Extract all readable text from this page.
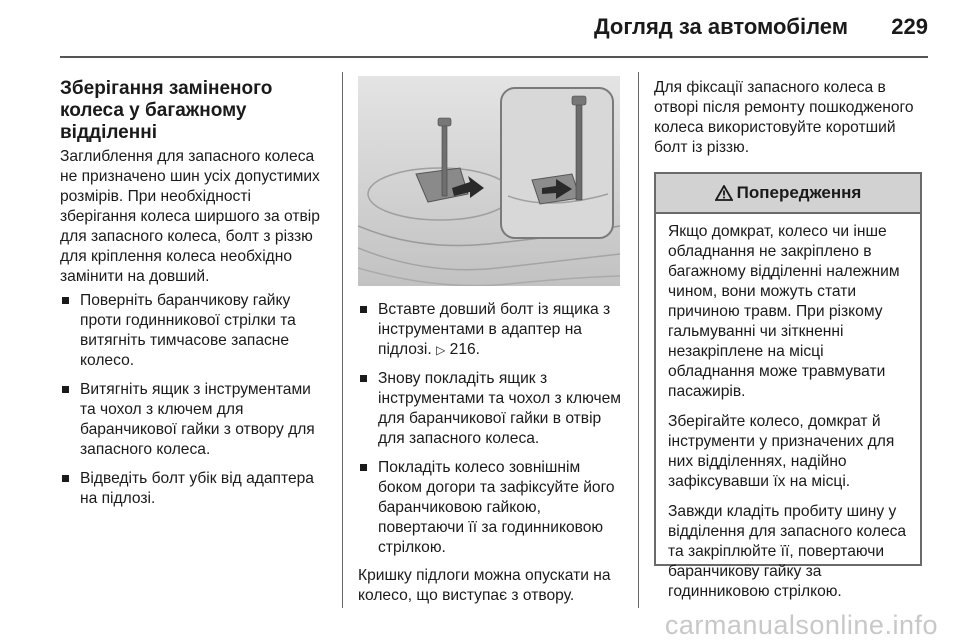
Догляд за автомобілем	229
Зберігання заміненого колеса у багажному відділенні

Заглиблення для запасного колеса не призначено шин усіх допустимих розмірів. При необхідності зберігання колеса ширшого за отвір для запасного колеса, болт з різзю для кріплення колеса необхідно замінити на довший.

Поверніть баранчикову гайку проти годинникової стрілки та витягніть тимчасове запасне колесо.
Витягніть ящик з інструментами та чохол з ключем для баранчикової гайки з отвору для запасного колеса.
Відведіть болт убік від адаптера на підлозі.
Вставте довший болт із ящика з інструментами в адаптер на підлозі. ▷ 216.
Знову покладіть ящик з інструментами та чохол з ключем для баранчикової гайки в отвір для запасного колеса.
Покладіть колесо зовнішнім боком догори та зафіксуйте його баранчиковою гайкою, повертаючи її за годинниковою стрілкою.

Кришку підлоги можна опускати на колесо, що виступає з отвору.

Для фіксації запасного колеса в отворі після ремонту пошкодженого колеса використовуйте коротший болт із різзю.

Попередження

Якщо домкрат, колесо чи інше обладнання не закріплено в багажному відділенні належним чином, вони можуть стати причиною травм. При різкому гальмуванні чи зіткненні незакріплене на місці обладнання може травмувати пасажирів.

Зберігайте колесо, домкрат й інструменти у призначених для них відділеннях, надійно зафіксувавши їх на місці.

Завжди кладіть пробиту шину у відділення для запасного колеса та закріплюйте її, повертаючи баранчикову гайку за годинниковою стрілкою.

carmanualsonline.info
